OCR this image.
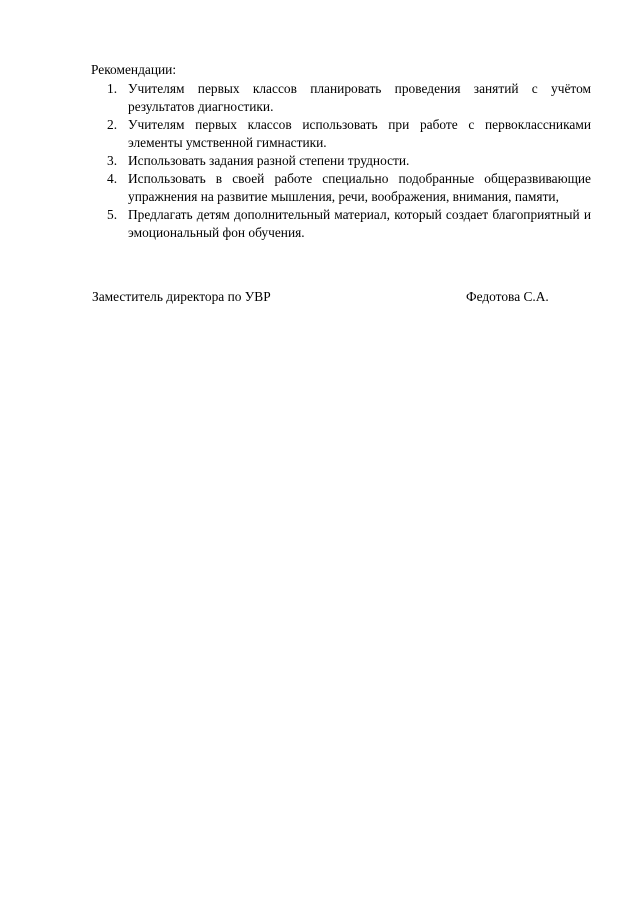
Рекомендации:
1. Учителям первых классов планировать проведения занятий с учётом результатов диагностики.
2. Учителям первых классов использовать при работе с первоклассниками элементы умственной гимнастики.
3. Использовать задания разной степени трудности.
4. Использовать в своей работе специально подобранные общеразвивающие упражнения на развитие мышления, речи, воображения, внимания, памяти,
5. Предлагать детям дополнительный материал, который создает благоприятный и эмоциональный фон обучения.
Заместитель директора по УВР	Федотова С.А.
